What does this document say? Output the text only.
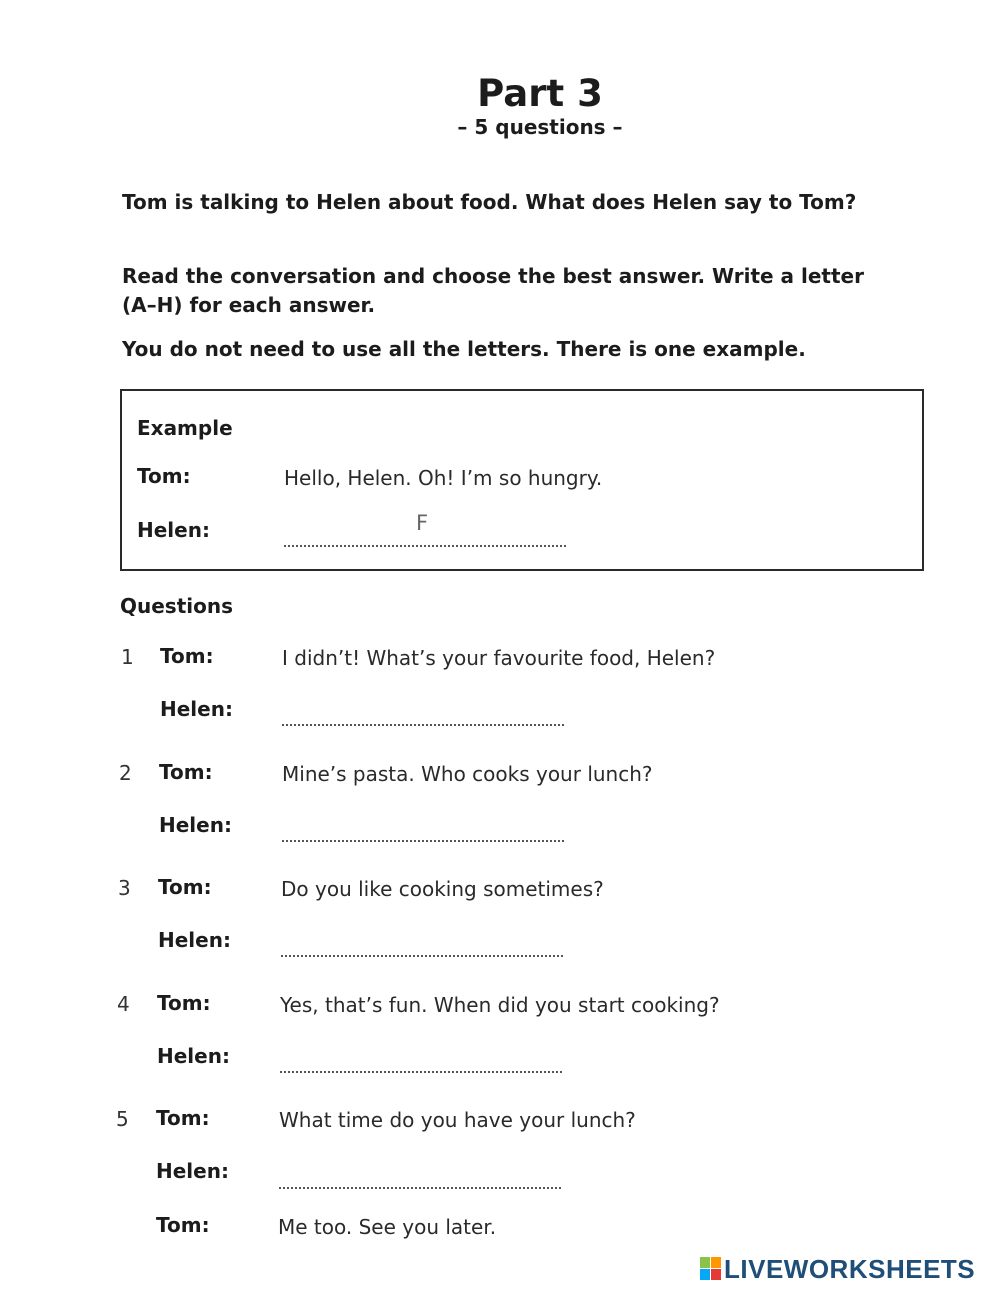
Part 3
– 5 questions –
Tom is talking to Helen about food. What does Helen say to Tom?
Read the conversation and choose the best answer. Write a letter (A–H) for each answer.
You do not need to use all the letters. There is one example.
Example
Tom:	Hello, Helen. Oh! I’m so hungry.
Helen:	F
Questions
1 Tom:	I didn’t! What’s your favourite food, Helen?
Helen:
2 Tom:	Mine’s pasta. Who cooks your lunch?
Helen:
3 Tom:	Do you like cooking sometimes?
Helen:
4 Tom:	Yes, that’s fun. When did you start cooking?
Helen:
5 Tom:	What time do you have your lunch?
Helen:
Tom:	Me too. See you later.
LIVEWORKSHEETS
